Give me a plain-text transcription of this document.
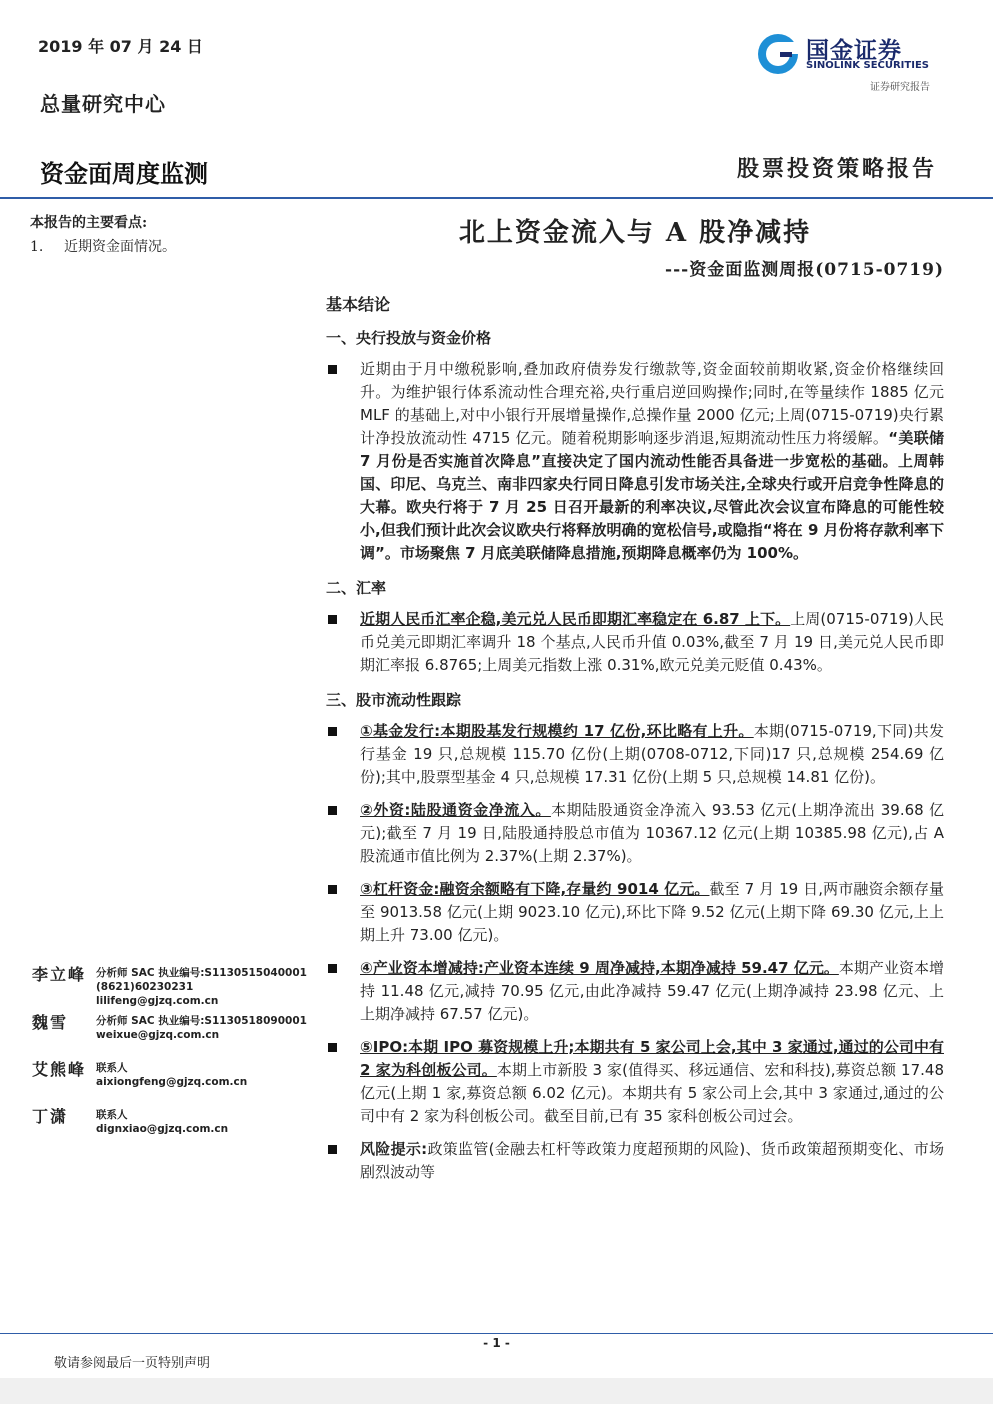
2019 年 07 月 24 日
总量研究中心
国金证券
SINOLINK SECURITIES
证券研究报告
资金面周度监测	股票投资策略报告
本报告的主要看点:
1. 近期资金面情况。	北上资金流入与 A 股净减持
---资金面监测周报(0715-0719)
基本结论
一、央行投放与资金价格
近期由于月中缴税影响,叠加政府债券发行缴款等,资金面较前期收紧,资金价格继续回升。为维护银行体系流动性合理充裕,央行重启逆回购操作;同时,在等量续作 1885 亿元 MLF 的基础上,对中小银行开展增量操作,总操作量 2000 亿元;上周(0715-0719)央行累计净投放流动性 4715 亿元。随着税期影响逐步消退,短期流动性压力将缓解。“美联储 7 月份是否实施首次降息”直接决定了国内流动性能否具备进一步宽松的基础。上周韩国、印尼、乌克兰、南非四家央行同日降息引发市场关注,全球央行或开启竞争性降息的大幕。欧央行将于 7 月 25 日召开最新的利率决议,尽管此次会议宣布降息的可能性较小,但我们预计此次会议欧央行将释放明确的宽松信号,或隐指“将在 9 月份将存款利率下调”。市场聚焦 7 月底美联储降息措施,预期降息概率仍为 100%。
二、汇率
近期人民币汇率企稳,美元兑人民币即期汇率稳定在 6.87 上下。上周(0715-0719)人民币兑美元即期汇率调升 18 个基点,人民币升值 0.03%,截至 7 月 19 日,美元兑人民币即期汇率报 6.8765;上周美元指数上涨 0.31%,欧元兑美元贬值 0.43%。
三、股市流动性跟踪
①基金发行:本期股基发行规模约 17 亿份,环比略有上升。本期(0715-0719,下同)共发行基金 19 只,总规模 115.70 亿份(上期(0708-0712,下同)17 只,总规模 254.69 亿份);其中,股票型基金 4 只,总规模 17.31 亿份(上期 5 只,总规模 14.81 亿份)。
②外资:陆股通资金净流入。本期陆股通资金净流入 93.53 亿元(上期净流出 39.68 亿元);截至 7 月 19 日,陆股通持股总市值为 10367.12 亿元(上期 10385.98 亿元),占 A 股流通市值比例为 2.37%(上期 2.37%)。
③杠杆资金:融资余额略有下降,存量约 9014 亿元。截至 7 月 19 日,两市融资余额存量至 9013.58 亿元(上期 9023.10 亿元),环比下降 9.52 亿元(上期下降 69.30 亿元,上上期上升 73.00 亿元)。
④产业资本增减持:产业资本连续 9 周净减持,本期净减持 59.47 亿元。本期产业资本增持 11.48 亿元,减持 70.95 亿元,由此净减持 59.47 亿元(上期净减持 23.98 亿元、上上期净减持 67.57 亿元)。
⑤IPO:本期 IPO 募资规模上升;本期共有 5 家公司上会,其中 3 家通过,通过的公司中有 2 家为科创板公司。本期上市新股 3 家(值得买、移远通信、宏和科技),募资总额 17.48 亿元(上期 1 家,募资总额 6.02 亿元)。本期共有 5 家公司上会,其中 3 家通过,通过的公司中有 2 家为科创板公司。截至目前,已有 35 家科创板公司过会。
风险提示:政策监管(金融去杠杆等政策力度超预期的风险)、货币政策超预期变化、市场剧烈波动等
李立峰 分析师 SAC 执业编号:S1130515040001
(8621)60230231
lilifeng@gjzq.com.cn
魏雪	分析师 SAC 执业编号:S1130518090001
weixue@gjzq.com.cn
艾熊峰 联系人
aixiongfeng@gjzq.com.cn
丁潇	联系人
dignxiao@gjzq.com.cn
- 1 -
敬请参阅最后一页特别声明
